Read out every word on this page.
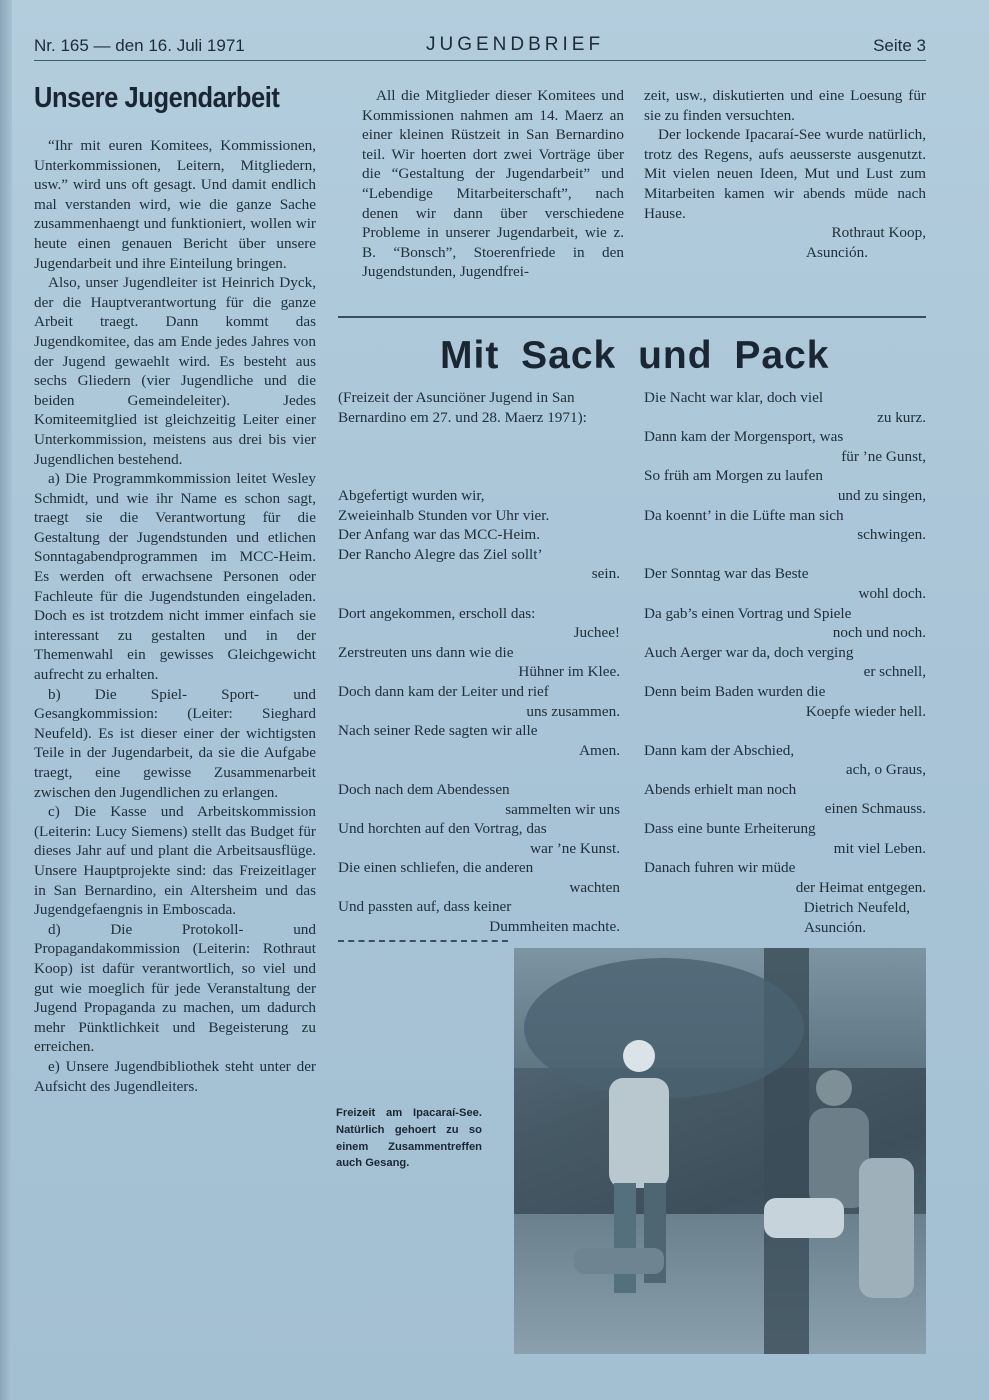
Nr. 165 — den 16. Juli 1971	JUGENDBRIEF	Seite 3
Unsere Jugendarbeit

“Ihr mit euren Komitees, Kommissionen, Unterkommissionen, Leitern, Mitgliedern, usw.” wird uns oft gesagt. Und damit endlich mal verstanden wird, wie die ganze Sache zusammenhaengt und funktioniert, wollen wir heute einen genauen Bericht über unsere Jugendarbeit und ihre Einteilung bringen.

Also, unser Jugendleiter ist Heinrich Dyck, der die Hauptverantwortung für die ganze Arbeit traegt. Dann kommt das Jugendkomitee, das am Ende jedes Jahres von der Jugend gewaehlt wird. Es besteht aus sechs Gliedern (vier Jugendliche und die beiden Gemeindeleiter). Jedes Komiteemitglied ist gleichzeitig Leiter einer Unterkommission, meistens aus drei bis vier Jugendlichen bestehend.

a) Die Programmkommission leitet Wesley Schmidt, und wie ihr Name es schon sagt, traegt sie die Verantwortung für die Gestaltung der Jugendstunden und etlichen Sonntagabendprogrammen im MCC-Heim. Es werden oft erwachsene Personen oder Fachleute für die Jugendstunden eingeladen. Doch es ist trotzdem nicht immer einfach sie interessant zu gestalten und in der Themenwahl ein gewisses Gleichgewicht aufrecht zu erhalten.

b) Die Spiel- Sport- und Gesangkommission: (Leiter: Sieghard Neufeld). Es ist dieser einer der wichtigsten Teile in der Jugendarbeit, da sie die Aufgabe traegt, eine gewisse Zusammenarbeit zwischen den Jugendlichen zu erlangen.

c) Die Kasse und Arbeitskommission (Leiterin: Lucy Siemens) stellt das Budget für dieses Jahr auf und plant die Arbeitsausflüge. Unsere Hauptprojekte sind: das Freizeitlager in San Bernardino, ein Altersheim und das Jugendgefaengnis in Emboscada.

d) Die Protokoll- und Propagandakommission (Leiterin: Rothraut Koop) ist dafür verantwortlich, so viel und gut wie moeglich für jede Veranstaltung der Jugend Propaganda zu machen, um dadurch mehr Pünktlichkeit und Begeisterung zu erreichen.

e) Unsere Jugendbibliothek steht unter der Aufsicht des Jugendleiters.

All die Mitglieder dieser Komitees und Kommissionen nahmen am 14. Maerz an einer kleinen Rüstzeit in San Bernardino teil. Wir hoerten dort zwei Vorträge über die “Gestaltung der Jugendarbeit” und “Lebendige Mitarbeiterschaft”, nach denen wir dann über verschiedene Probleme in unserer Jugendarbeit, wie z. B. “Bonsch”, Stoerenfriede in den Jugendstunden, Jugendfrei-

zeit, usw., diskutierten und eine Loesung für sie zu finden versuchten.

Der lockende Ipacaraí-See wurde natürlich, trotz des Regens, aufs aeusserste ausgenutzt. Mit vielen neuen Ideen, Mut und Lust zum Mitarbeiten kamen wir abends müde nach Hause.

Rothraut Koop,

Asunción.

Mit Sack und Pack
(Freizeit der Asunciöner Jugend in San Bernardino em 27. und 28. Maerz 1971):
Abgefertigt wurden wir,
Zweieinhalb Stunden vor Uhr vier.
Der Anfang war das MCC-Heim.
Der Rancho Alegre das Ziel sollt’
sein.
Dort angekommen, erscholl das:
Juchee!
Zerstreuten uns dann wie die
Hühner im Klee.
Doch dann kam der Leiter und rief
uns zusammen.
Nach seiner Rede sagten wir alle
Amen.
Doch nach dem Abendessen
sammelten wir uns
Und horchten auf den Vortrag, das
war ’ne Kunst.
Die einen schliefen, die anderen
wachten
Und passten auf, dass keiner
Dummheiten machte.
Die Nacht war klar, doch viel
zu kurz.
Dann kam der Morgensport, was
für ’ne Gunst,
So früh am Morgen zu laufen
und zu singen,
Da koennt’ in die Lüfte man sich
schwingen.
Der Sonntag war das Beste
wohl doch.
Da gab’s einen Vortrag und Spiele
noch und noch.
Auch Aerger war da, doch verging
er schnell,
Denn beim Baden wurden die
Koepfe wieder hell.
Dann kam der Abschied,
ach, o Graus,
Abends erhielt man noch
einen Schmauss.
Dass eine bunte Erheiterung
mit viel Leben.
Danach fuhren wir müde
der Heimat entgegen.
Freizeit am Ipacaraí-See. Natürlich gehoert zu so einem Zusammentreffen auch Gesang.
Dietrich Neufeld,
Asunción.
